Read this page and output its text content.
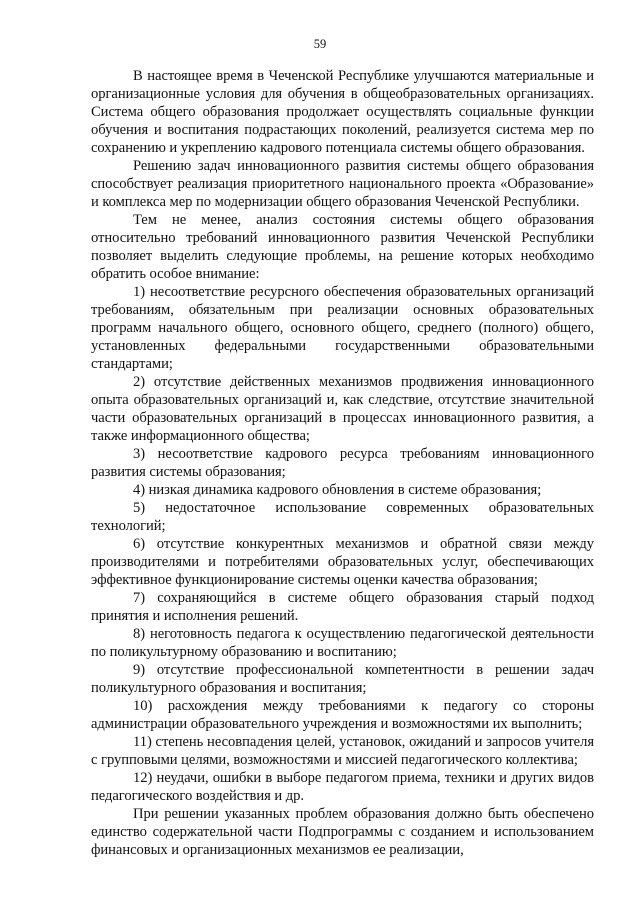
59

В настоящее время в Чеченской Республике улучшаются материальные и организационные условия для обучения в общеобразовательных организациях. Система общего образования продолжает осуществлять социальные функции обучения и воспитания подрастающих поколений, реализуется система мер по сохранению и укреплению кадрового потенциала системы общего образования.

Решению задач инновационного развития системы общего образования способствует реализация приоритетного национального проекта «Образование» и комплекса мер по модернизации общего образования Чеченской Республики.

Тем не менее, анализ состояния системы общего образования относительно требований инновационного развития Чеченской Республики позволяет выделить следующие проблемы, на решение которых необходимо обратить особое внимание:

1) несоответствие ресурсного обеспечения образовательных организаций требованиям, обязательным при реализации основных образовательных программ начального общего, основного общего, среднего (полного) общего, установленных федеральными государственными образовательными стандартами;

2) отсутствие действенных механизмов продвижения инновационного опыта образовательных организаций и, как следствие, отсутствие значительной части образовательных организаций в процессах инновационного развития, а также информационного общества;

3) несоответствие кадрового ресурса требованиям инновационного развития системы образования;

4) низкая динамика кадрового обновления в системе образования;

5) недостаточное использование современных образовательных технологий;

6) отсутствие конкурентных механизмов и обратной связи между производителями и потребителями образовательных услуг, обеспечивающих эффективное функционирование системы оценки качества образования;

7) сохраняющийся в системе общего образования старый подход принятия и исполнения решений.

8) неготовность педагога к осуществлению педагогической деятельности по поликультурному образованию и воспитанию;

9) отсутствие профессиональной компетентности в решении задач поликультурного образования и воспитания;

10) расхождения между требованиями к педагогу со стороны администрации образовательного учреждения и возможностями их выполнить;

11) степень несовпадения целей, установок, ожиданий и запросов учителя с групповыми целями, возможностями и миссией педагогического коллектива;

12) неудачи, ошибки в выборе педагогом приема, техники и других видов педагогического воздействия и др.

При решении указанных проблем образования должно быть обеспечено единство содержательной части Подпрограммы с созданием и использованием финансовых и организационных механизмов ее реализации,
